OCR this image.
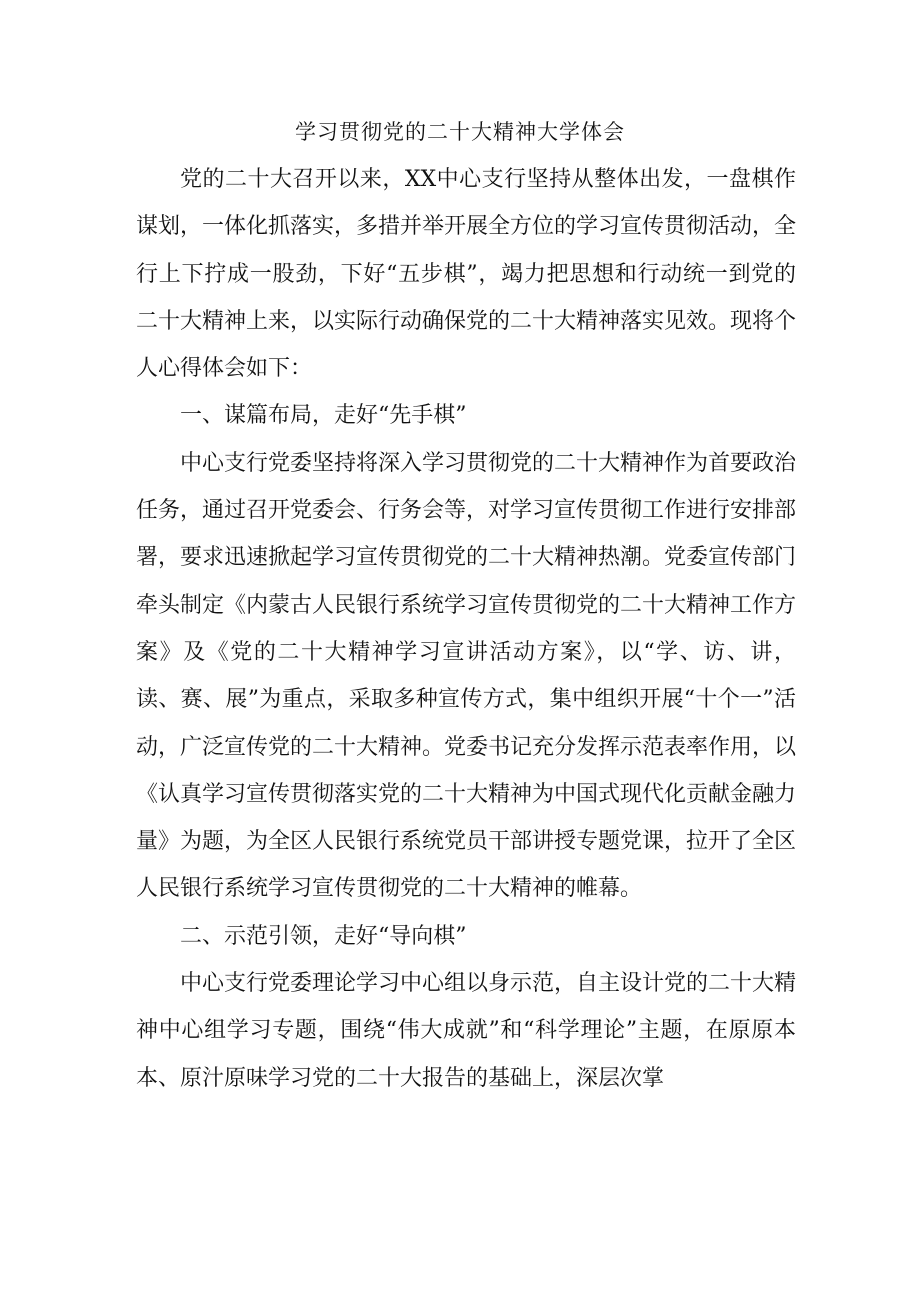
学习贯彻党的二十大精神大学体会

党的二十大召开以来，XX中心支行坚持从整体出发，一盘棋作谋划，一体化抓落实，多措并举开展全方位的学习宣传贯彻活动，全行上下拧成一股劲，下好“五步棋”，竭力把思想和行动统一到党的二十大精神上来，以实际行动确保党的二十大精神落实见效。现将个人心得体会如下：

一、谋篇布局，走好“先手棋”

中心支行党委坚持将深入学习贯彻党的二十大精神作为首要政治任务，通过召开党委会、行务会等，对学习宣传贯彻工作进行安排部署，要求迅速掀起学习宣传贯彻党的二十大精神热潮。党委宣传部门牵头制定《内蒙古人民银行系统学习宣传贯彻党的二十大精神工作方案》及《党的二十大精神学习宣讲活动方案》，以“学、访、讲，读、赛、展”为重点，采取多种宣传方式，集中组织开展“十个一”活动，广泛宣传党的二十大精神。党委书记充分发挥示范表率作用，以《认真学习宣传贯彻落实党的二十大精神为中国式现代化贡献金融力量》为题，为全区人民银行系统党员干部讲授专题党课，拉开了全区人民银行系统学习宣传贯彻党的二十大精神的帷幕。

二、示范引领，走好“导向棋”

中心支行党委理论学习中心组以身示范，自主设计党的二十大精神中心组学习专题，围绕“伟大成就”和“科学理论”主题，在原原本本、原汁原味学习党的二十大报告的基础上，深层次掌
